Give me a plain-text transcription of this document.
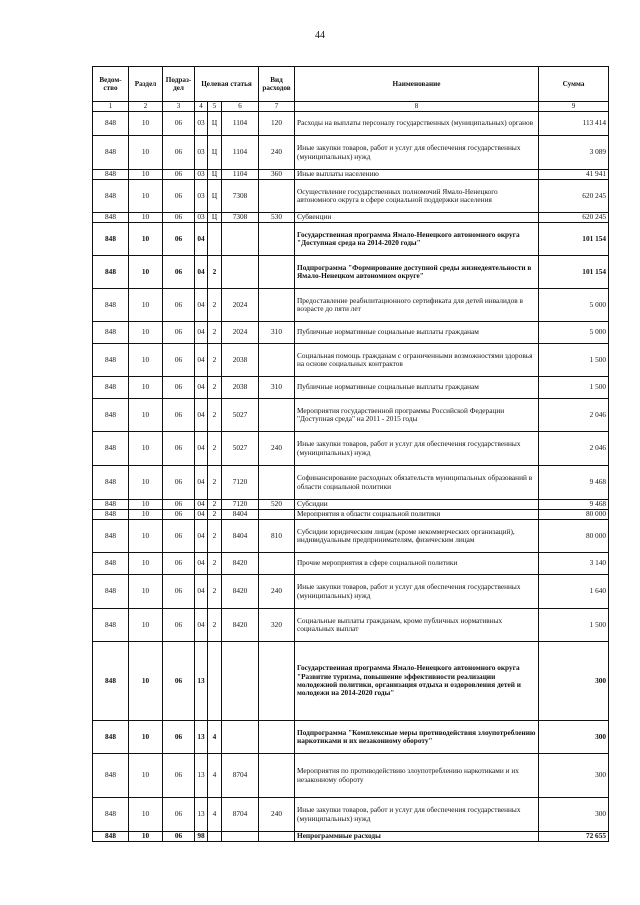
44
Ведом-ство	Раздел	Подраз-дел	Целевая статья			Вид расходов	Наименование	Сумма
1	2	3	4	5	6	7	8	9
848	10	06	03	Ц	1104	120	Расходы на выплаты персоналу государственных (муниципальных) органов	113 414
848	10	06	03	Ц	1104	240	Иные закупки товаров, работ и услуг для обеспечения государственных (муниципальных) нужд	3 089
848	10	06	03	Ц	1104	360	Иные выплаты населению	41 941
848	10	06	03	Ц	7308		Осуществление государственных полномочий Ямало-Ненецкого автономного округа в сфере социальной поддержки населения	620 245
848	10	06	03	Ц	7308	530	Субвенции	620 245
848	10	06	04				Государственная программа Ямало-Ненецкого автономного округа "Доступная среда на 2014-2020 годы"	101 154
848	10	06	04	2			Подпрограмма "Формирование доступной среды жизнедеятельности в Ямало-Ненецком автономном округе"	101 154
848	10	06	04	2	2024		Предоставление реабилитационного сертификата для детей инвалидов в возрасте до пяти лет	5 000
848	10	06	04	2	2024	310	Публичные нормативные социальные выплаты гражданам	5 000
848	10	06	04	2	2038		Социальная помощь гражданам с ограниченными возможностями здоровья на основе социальных контрактов	1 500
848	10	06	04	2	2038	310	Публичные нормативные социальные выплаты гражданам	1 500
848	10	06	04	2	5027		Мероприятия государственной программы Российской Федерации "Доступная среда" на 2011 - 2015 годы	2 046
848	10	06	04	2	5027	240	Иные закупки товаров, работ и услуг для обеспечения государственных (муниципальных) нужд	2 046
848	10	06	04	2	7120		Софинансирование расходных обязательств муниципальных образований в области социальной политики	9 468
848	10	06	04	2	7120	520	Субсидии	9 468
848	10	06	04	2	8404		Мероприятия в области социальной политики	80 000
848	10	06	04	2	8404	810	Субсидии юридическим лицам (кроме некоммерческих организаций), индивидуальным предпринимателям, физическим лицам	80 000
848	10	06	04	2	8420		Прочие мероприятия в сфере социальной политики	3 140
848	10	06	04	2	8420	240	Иные закупки товаров, работ и услуг для обеспечения государственных (муниципальных) нужд	1 640
848	10	06	04	2	8420	320	Социальные выплаты гражданам, кроме публичных нормативных социальных выплат	1 500
848	10	06	13				Государственная программа Ямало-Ненецкого автономного округа "Развитие туризма, повышение эффективности реализации молодежной политики, организация отдыха и оздоровления детей и молодежи на 2014-2020 годы"	300
848	10	06	13	4			Подпрограмма "Комплексные меры противодействия злоупотреблению наркотиками и их незаконному обороту"	300
848	10	06	13	4	8704		Мероприятия по противодействию злоупотреблению наркотиками и их незаконному обороту	300
848	10	06	13	4	8704	240	Иные закупки товаров, работ и услуг для обеспечения государственных (муниципальных) нужд	300
848	10	06	98				Непрограммные расходы	72 655
